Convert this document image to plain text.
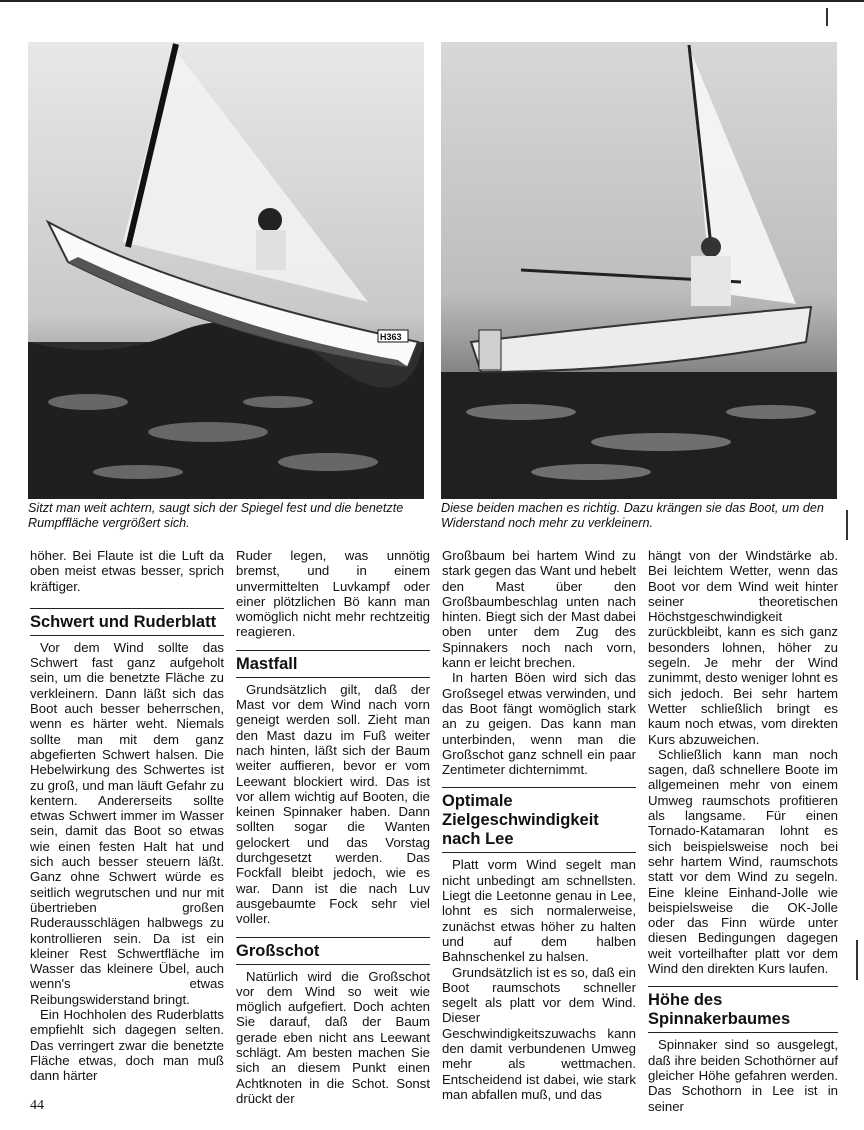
H363
Sitzt man weit achtern, saugt sich der Spiegel fest und die benetzte Rumpffläche vergrößert sich.
Diese beiden machen es richtig. Dazu krängen sie das Boot, um den Widerstand noch mehr zu verkleinern.

höher. Bei Flaute ist die Luft da oben meist etwas besser, sprich kräftiger.

Schwert und Ruderblatt

Vor dem Wind sollte das Schwert fast ganz aufgeholt sein, um die benetzte Fläche zu verkleinern. Dann läßt sich das Boot auch besser beherrschen, wenn es härter weht. Niemals sollte man mit dem ganz abgefierten Schwert halsen. Die Hebelwirkung des Schwertes ist zu groß, und man läuft Gefahr zu kentern. Andererseits sollte etwas Schwert immer im Wasser sein, damit das Boot so etwas wie einen festen Halt hat und sich auch besser steuern läßt. Ganz ohne Schwert würde es seitlich wegrutschen und nur mit übertrieben großen Ruderausschlägen halbwegs zu kontrollieren sein. Da ist ein kleiner Rest Schwertfläche im Wasser das kleinere Übel, auch wenn's etwas Reibungswiderstand bringt.

Ein Hochholen des Ruderblatts empfiehlt sich dagegen selten. Das verringert zwar die benetzte Fläche etwas, doch man muß dann härter

Ruder legen, was unnötig bremst, und in einem unvermittelten Luvkampf oder einer plötzlichen Bö kann man womöglich nicht mehr rechtzeitig reagieren.

Mastfall

Grundsätzlich gilt, daß der Mast vor dem Wind nach vorn geneigt werden soll. Zieht man den Mast dazu im Fuß weiter nach hinten, läßt sich der Baum weiter auffieren, bevor er vom Leewant blockiert wird. Das ist vor allem wichtig auf Booten, die keinen Spinnaker haben. Dann sollten sogar die Wanten gelockert und das Vorstag durchgesetzt werden. Das Fockfall bleibt jedoch, wie es war. Dann ist die nach Luv ausgebaumte Fock sehr viel voller.

Großschot

Natürlich wird die Großschot vor dem Wind so weit wie möglich aufgefiert. Doch achten Sie darauf, daß der Baum gerade eben nicht ans Leewant schlägt. Am besten machen Sie sich an diesem Punkt einen Achtknoten in die Schot. Sonst drückt der

Großbaum bei hartem Wind zu stark gegen das Want und hebelt den Mast über den Großbaumbeschlag unten nach hinten. Biegt sich der Mast dabei oben unter dem Zug des Spinnakers noch nach vorn, kann er leicht brechen.

In harten Böen wird sich das Großsegel etwas verwinden, und das Boot fängt womöglich stark an zu geigen. Das kann man unterbinden, wenn man die Großschot ganz schnell ein paar Zentimeter dichternimmt.

Optimale Zielgeschwindigkeit nach Lee

Platt vorm Wind segelt man nicht unbedingt am schnellsten. Liegt die Leetonne genau in Lee, lohnt es sich normalerweise, zunächst etwas höher zu halten und auf dem halben Bahnschenkel zu halsen.

Grundsätzlich ist es so, daß ein Boot raumschots schneller segelt als platt vor dem Wind. Dieser Geschwindigkeitszuwachs kann den damit verbundenen Umweg mehr als wettmachen. Entscheidend ist dabei, wie stark man abfallen muß, und das

hängt von der Windstärke ab. Bei leichtem Wetter, wenn das Boot vor dem Wind weit hinter seiner theoretischen Höchstgeschwindigkeit zurückbleibt, kann es sich ganz besonders lohnen, höher zu segeln. Je mehr der Wind zunimmt, desto weniger lohnt es sich jedoch. Bei sehr hartem Wetter schließlich bringt es kaum noch etwas, vom direkten Kurs abzuweichen.

Schließlich kann man noch sagen, daß schnellere Boote im allgemeinen mehr von einem Umweg raumschots profitieren als langsame. Für einen Tornado-Katamaran lohnt es sich beispielsweise noch bei sehr hartem Wind, raumschots statt vor dem Wind zu segeln. Eine kleine Einhand-Jolle wie beispielsweise die OK-Jolle oder das Finn würde unter diesen Bedingungen dagegen weit vorteilhafter platt vor dem Wind den direkten Kurs laufen.

Höhe des Spinnakerbaumes

Spinnaker sind so ausgelegt, daß ihre beiden Schothörner auf gleicher Höhe gefahren werden. Das Schothorn in Lee ist in seiner

44
